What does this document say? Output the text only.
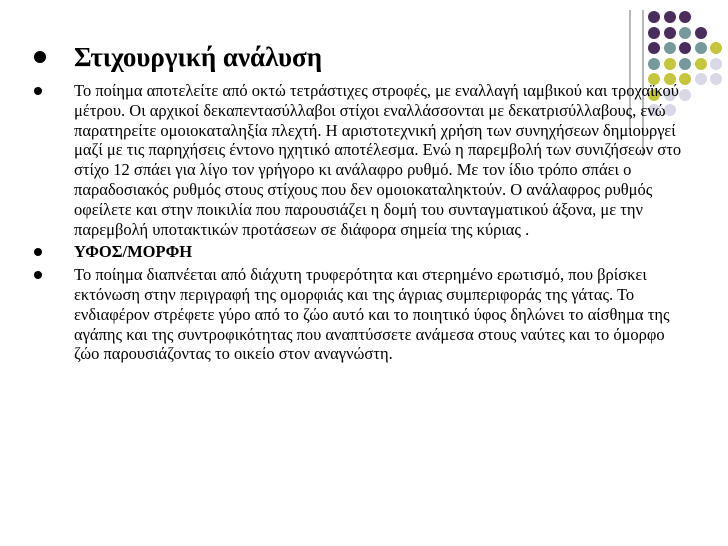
Στιχουργική ανάλυση
Το ποίημα αποτελείτε από οκτώ τετράστιχες στροφές, με εναλλαγή ιαμβικού και τροχαϊκού μέτρου. Οι αρχικοί δεκαπεντασύλλαβοι στίχοι εναλλάσσονται με δεκατρισύλλαβους, ενώ παρατηρείτε ομοιοκαταληξία πλεχτή. Η αριστοτεχνική χρήση των συνηχήσεων δημιουργεί μαζί με τις παρηχήσεις έντονο ηχητικό αποτέλεσμα. Ενώ η παρεμβολή των συνιζήσεων στο στίχο 12 σπάει για λίγο τον γρήγορο κι ανάλαφρο ρυθμό. Με τον ίδιο τρόπο σπάει ο παραδοσιακός ρυθμός στους στίχους που δεν ομοιοκαταληκτούν. Ο ανάλαφρος ρυθμός οφείλετε και στην ποικιλία που παρουσιάζει η δομή του συνταγματικού άξονα, με την παρεμβολή υποτακτικών προτάσεων σε διάφορα σημεία της κύριας .
ΥΦΟΣ/ΜΟΡΦΗ
Το ποίημα διαπνέεται από διάχυτη τρυφερότητα και στερημένο ερωτισμό, που βρίσκει εκτόνωση στην περιγραφή της ομορφιάς και της άγριας συμπεριφοράς της γάτας. Το ενδιαφέρον στρέφετε γύρο από το ζώο αυτό και το ποιητικό ύφος δηλώνει το αίσθημα της αγάπης και της συντροφικότητας που αναπτύσσετε ανάμεσα στους ναύτες και το όμορφο ζώο παρουσιάζοντας το οικείο στον αναγνώστη.
